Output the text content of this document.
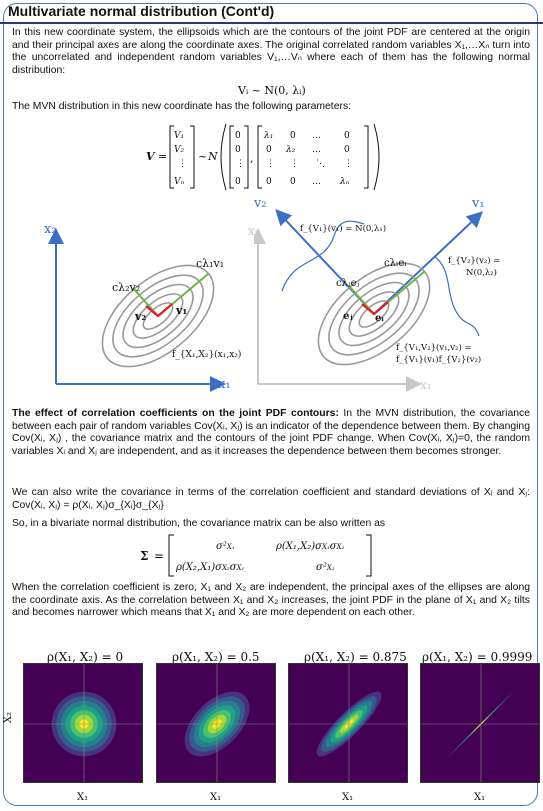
Multivariate normal distribution (Cont'd)
In this new coordinate system, the ellipsoids which are the contours of the joint PDF are centered at the origin and their principal axes are along the coordinate axes. The original correlated random variables X₁,…Xₙ turn into the uncorrelated and independent random variables V₁,…Vₙ where each of them has the following normal distribution:
Vᵢ ~ N(0, λᵢ)
The MVN distribution in this new coordinate has the following parameters:
V =
V₁
V₂
⋮
Vₙ
~ N
0
0
⋮
0
,
λ₁ 0 …	0
0 λ₂ …	0
⋮ ⋮ ⋱ ⋮
0 0 … λₙ
x₂
x₁
cλ₁v₁
cλ₂v₂
v₁
v₂
f_{X₁,X₂}(x₁,x₂)
v₂	v₁
x₂
x₁
f_{V₁}(v₁) = N(0,λ₁)
f_{V₂}(v₂) =
N(0,λ₂)
cλⱼeⱼ
cλₗeₗ
eⱼ eᵢ
f_{V₁,V₂}(v₁,v₂) =
f_{V₁}(v₁)f_{V₂}(v₂)
The effect of correlation coefficients on the joint PDF contours: In the MVN distribution, the covariance between each pair of random variables Cov(Xᵢ, Xⱼ) is an indicator of the dependence between them. By changing Cov(Xᵢ, Xⱼ) , the covariance matrix and the contours of the joint PDF change. When Cov(Xᵢ, Xⱼ)=0, the random variables Xᵢ and Xⱼ are independent, and as it increases the dependence between them becomes stronger.
We can also write the covariance in terms of the correlation coefficient and standard deviations of Xᵢ and Xⱼ: Cov(Xᵢ, Xⱼ) = ρ(Xᵢ, Xⱼ)σ_{Xᵢ}σ_{Xⱼ}
So, in a bivariate normal distribution, the covariance matrix can be also written as
Σ =
σ²X₁	ρ(X₁,X₂)σX₁σX₂
ρ(X₂,X₁)σX₂σX₁	σ²X₂
When the correlation coefficient is zero, X₁ and X₂ are independent, the principal axes of the ellipses are along the coordinate axis. As the correlation between X₁ and X₂ increases, the joint PDF in the plane of X₁ and X₂ tilts and becomes narrower which means that X₁ and X₂ are more dependent on each other.
ρ(X₁, X₂) = 0	ρ(X₁, X₂) = 0.5	ρ(X₁, X₂) = 0.875 ρ(X₁, X₂) = 0.9999
X₂
X₁	X₁	X₁	X₁
